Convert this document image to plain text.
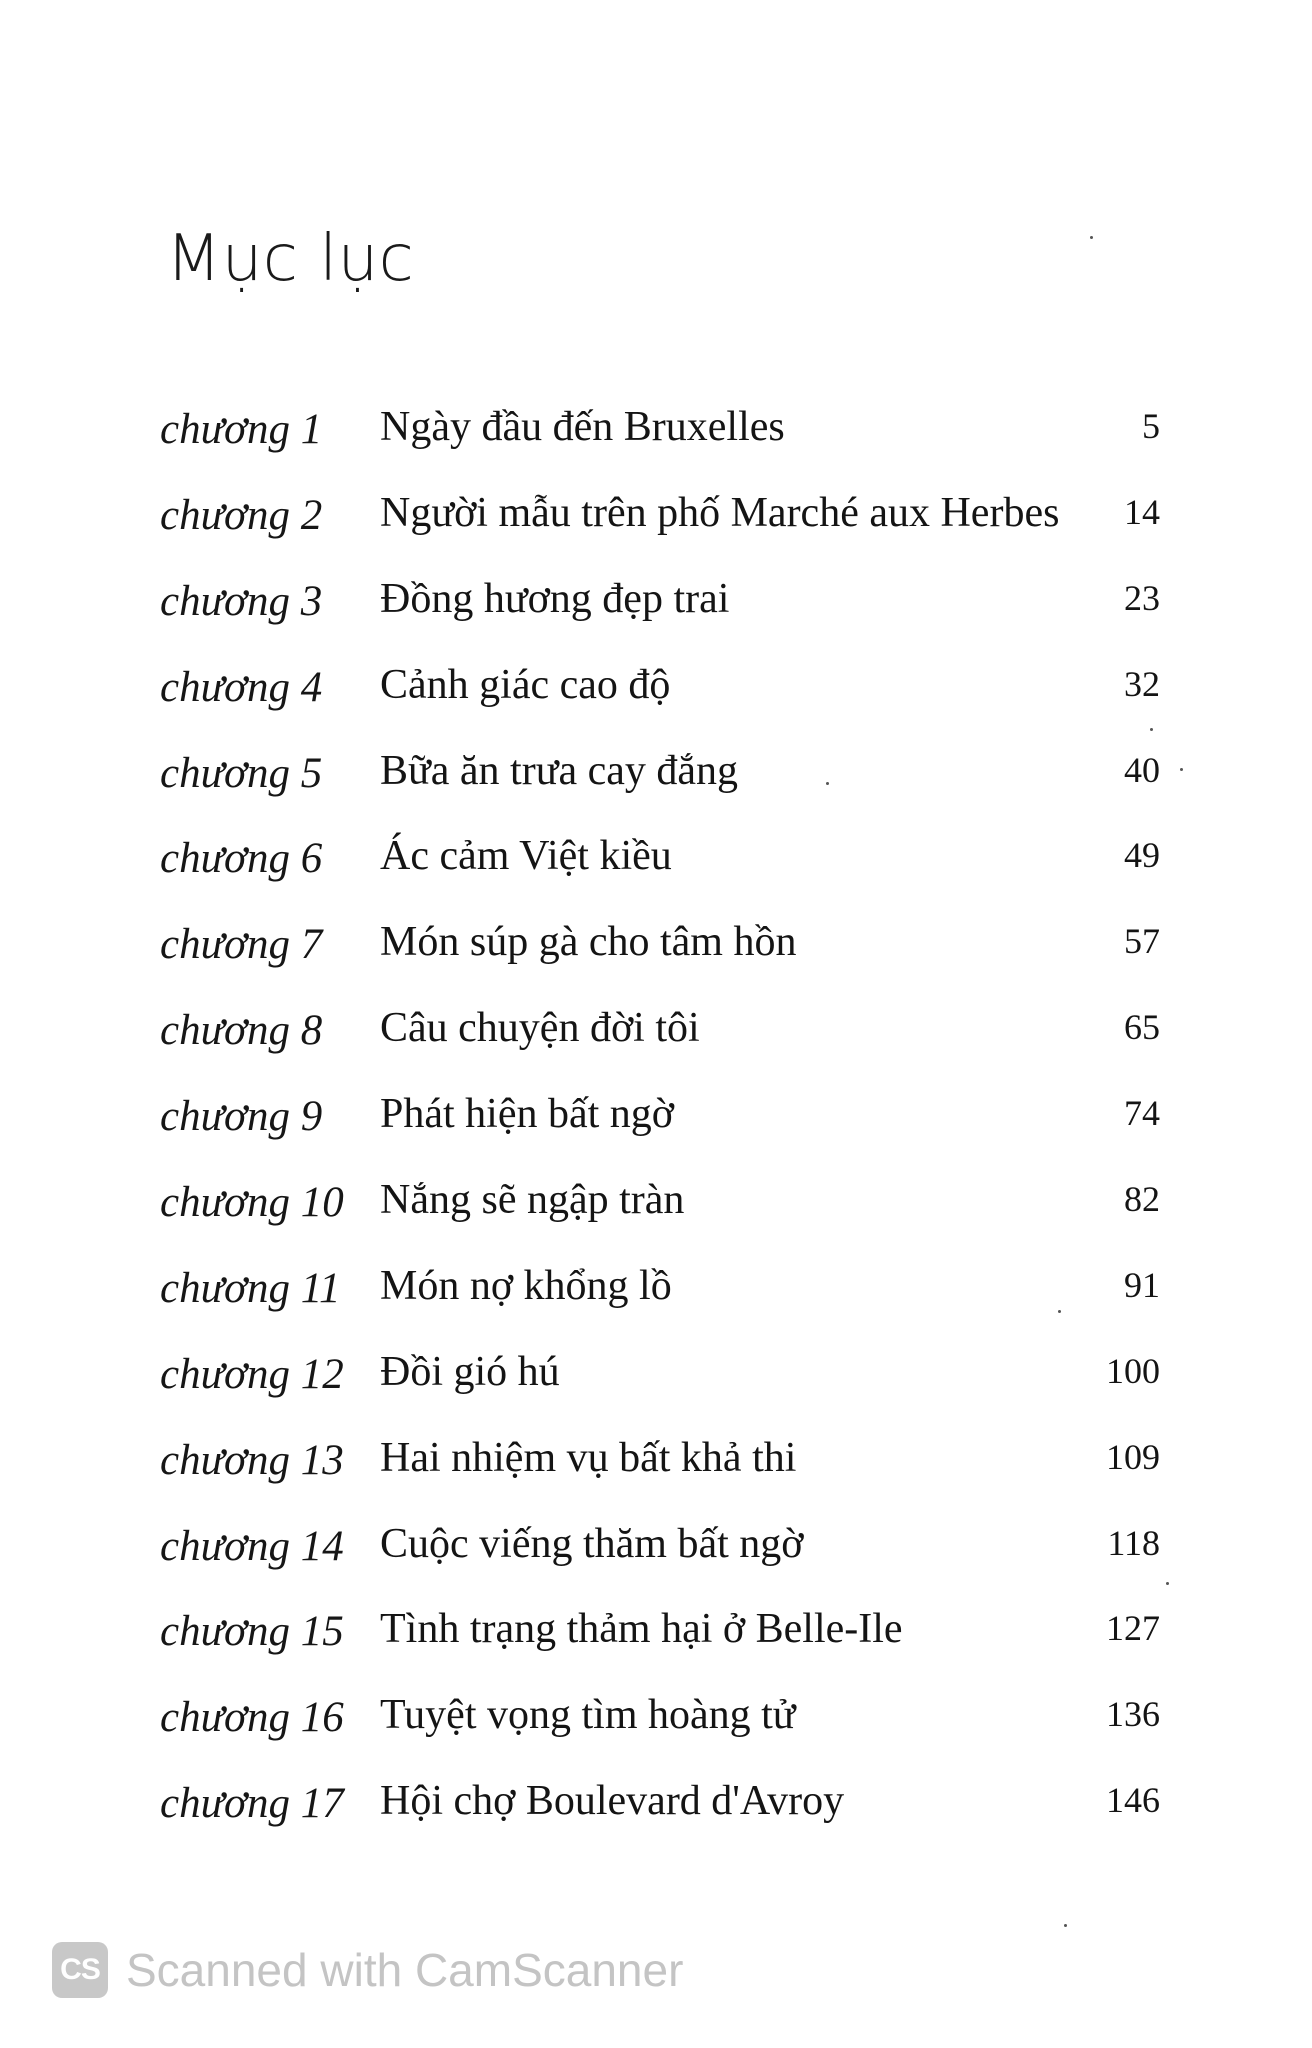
Mục lục
chương 1 Ngày đầu đến Bruxelles	5
chương 2 Người mẫu trên phố Marché aux Herbes 14
chương 3 Đồng hương đẹp trai	23
chương 4 Cảnh giác cao độ	32
chương 5 Bữa ăn trưa cay đắng	40
chương 6 Ác cảm Việt kiều	49
chương 7 Món súp gà cho tâm hồn	57
chương 8 Câu chuyện đời tôi	65
chương 9 Phát hiện bất ngờ	74
chương 10 Nắng sẽ ngập tràn	82
chương 11 Món nợ khổng lồ	91
chương 12 Đồi gió hú	100
chương 13 Hai nhiệm vụ bất khả thi	109
chương 14 Cuộc viếng thăm bất ngờ	118
chương 15 Tình trạng thảm hại ở Belle-Ile	127
chương 16 Tuyệt vọng tìm hoàng tử	136
chương 17 Hội chợ Boulevard d'Avroy	146
CS Scanned with CamScanner
